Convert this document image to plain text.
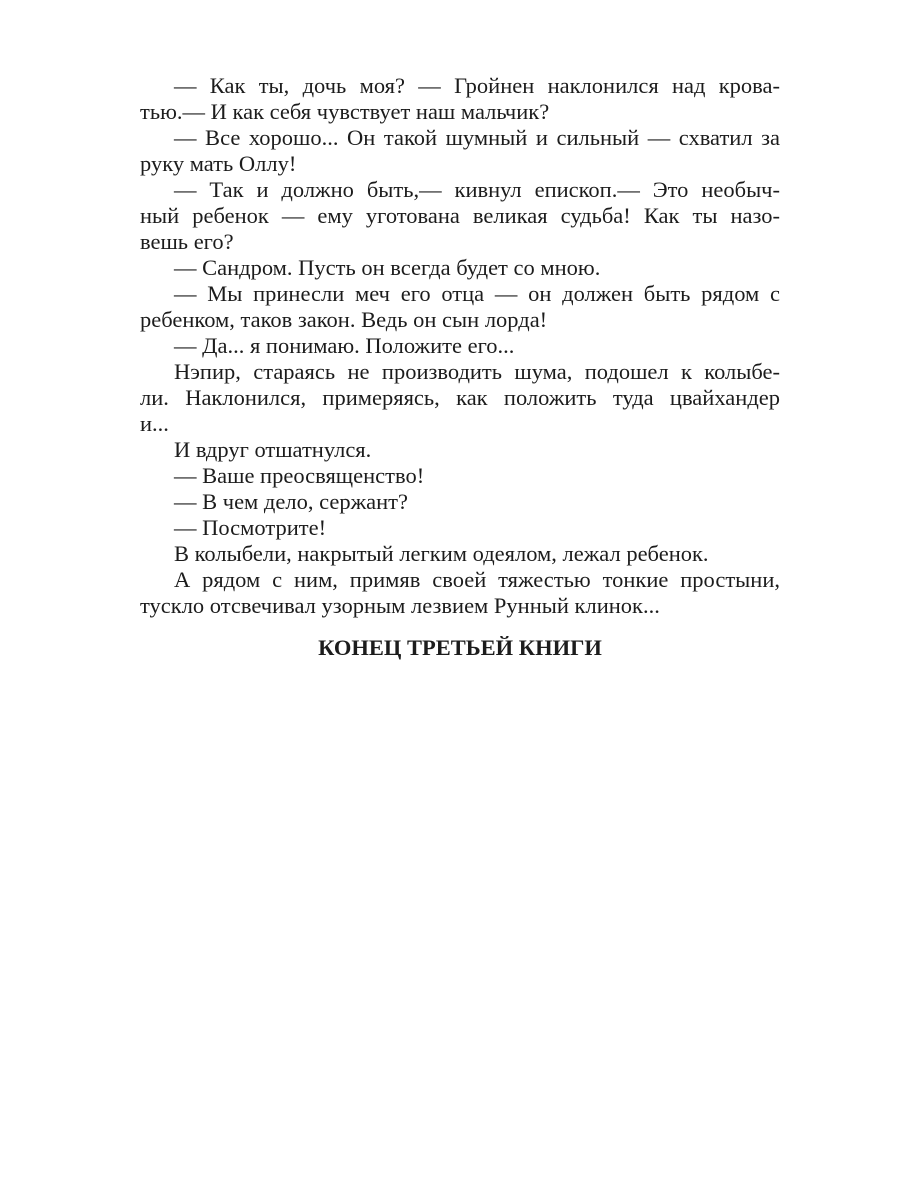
— Как ты, дочь моя? — Гройнен наклонился над крова-
тью.— И как себя чувствует наш мальчик?
— Все хорошо... Он такой шумный и сильный — схватил за
руку мать Оллу!
— Так и должно быть,— кивнул епископ.— Это необыч-
ный ребенок — ему уготована великая судьба! Как ты назо-
вешь его?
— Сандром. Пусть он всегда будет со мною.
— Мы принесли меч его отца — он должен быть рядом с
ребенком, таков закон. Ведь он сын лорда!
— Да... я понимаю. Положите его...
Нэпир, стараясь не производить шума, подошел к колыбе-
ли. Наклонился, примеряясь, как положить туда цвайхандер
и...
И вдруг отшатнулся.
— Ваше преосвященство!
— В чем дело, сержант?
— Посмотрите!
В колыбели, накрытый легким одеялом, лежал ребенок.
А рядом с ним, примяв своей тяжестью тонкие простыни,
тускло отсвечивал узорным лезвием Рунный клинок...
КОНЕЦ ТРЕТЬЕЙ КНИГИ
